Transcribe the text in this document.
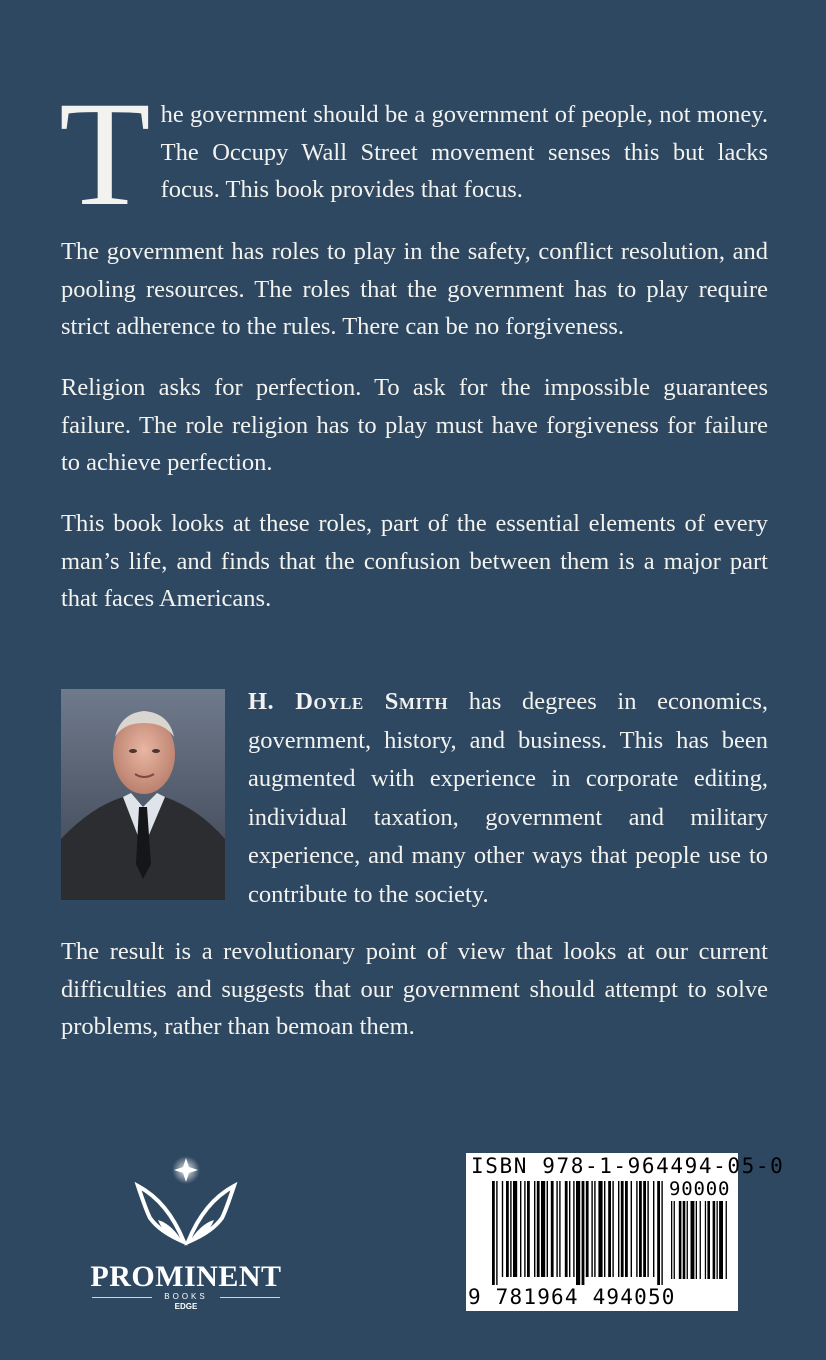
The government should be a government of people, not money. The Occupy Wall Street movement senses this but lacks focus. This book provides that focus.

The government has roles to play in the safety, conflict resolution, and pooling resources. The roles that the government has to play require strict adherence to the rules. There can be no forgiveness.

Religion asks for perfection. To ask for the impossible guarantees failure. The role religion has to play must have forgiveness for failure to achieve perfection.

This book looks at these roles, part of the essential elements of every man’s life, and finds that the confusion between them is a major part that faces Americans.

H. Doyle Smith has degrees in economics, government, history, and business. This has been augmented with experience in corporate editing, individual taxation, government and military experience, and many other ways that people use to contribute to the society.

The result is a revolutionary point of view that looks at our current difficulties and suggests that our government should attempt to solve problems, rather than bemoan them.

PROMINENT
BOOKS
EDGE
ISBN 978-1-964494-05-0
90000
9 781964 494050
